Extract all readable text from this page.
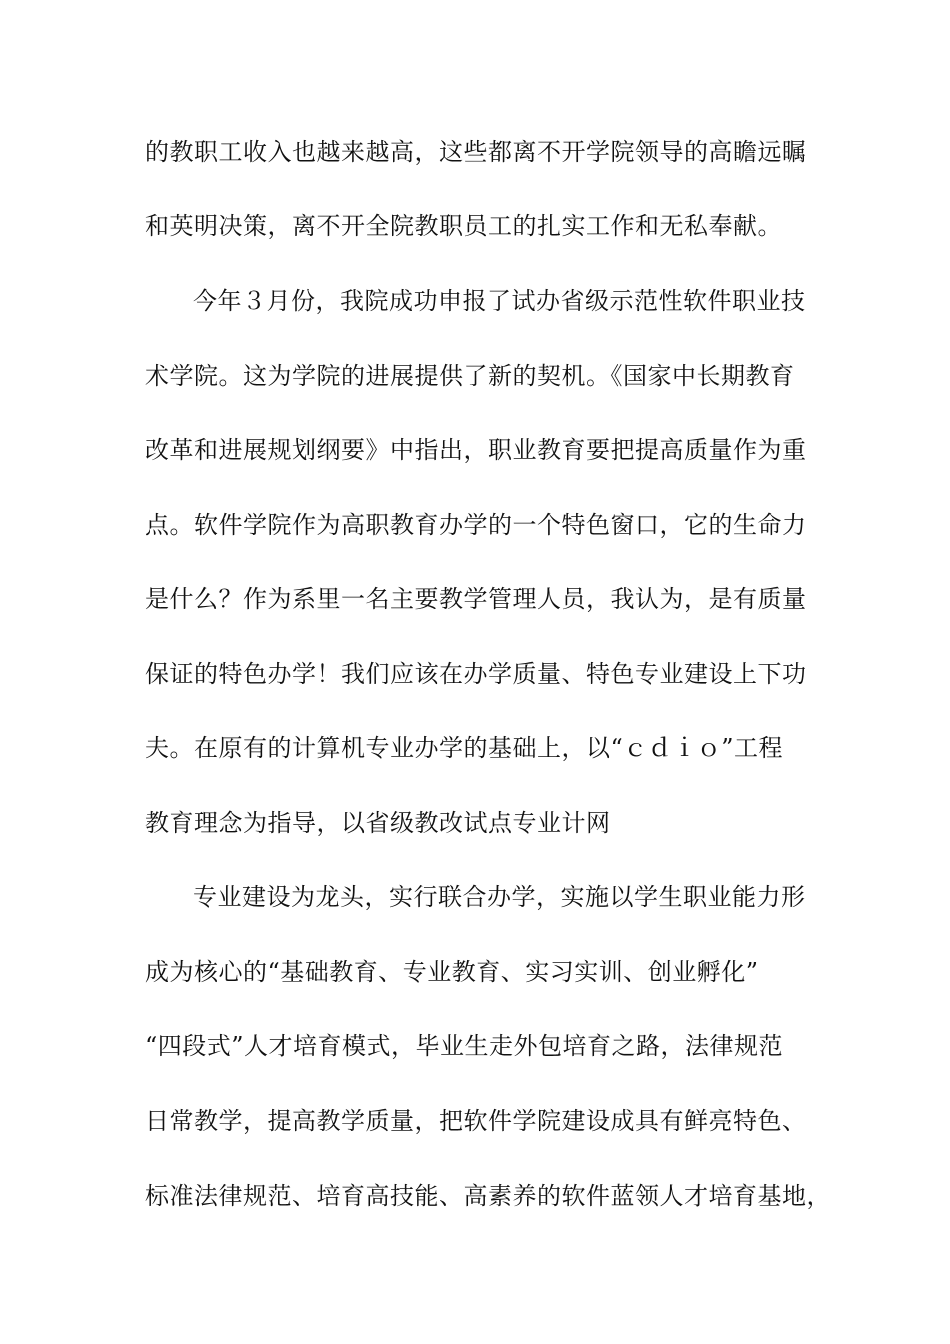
的教职工收入也越来越高，这些都离不开学院领导的高瞻远瞩
和英明决策，离不开全院教职员工的扎实工作和无私奉献。
今年３月份，我院成功申报了试办省级示范性软件职业技
术学院。这为学院的进展提供了新的契机。《国家中长期教育
改革和进展规划纲要》中指出，职业教育要把提高质量作为重
点。软件学院作为高职教育办学的一个特色窗口，它的生命力
是什么？作为系里一名主要教学管理人员，我认为，是有质量
保证的特色办学！我们应该在办学质量、特色专业建设上下功
夫。在原有的计算机专业办学的基础上，以“ｃｄｉｏ”工程
教育理念为指导，以省级教改试点专业计网
专业建设为龙头，实行联合办学，实施以学生职业能力形
成为核心的“基础教育、专业教育、实习实训、创业孵化”
“四段式”人才培育模式，毕业生走外包培育之路，法律规范
日常教学，提高教学质量，把软件学院建设成具有鲜亮特色、
标准法律规范、培育高技能、高素养的软件蓝领人才培育基地，
